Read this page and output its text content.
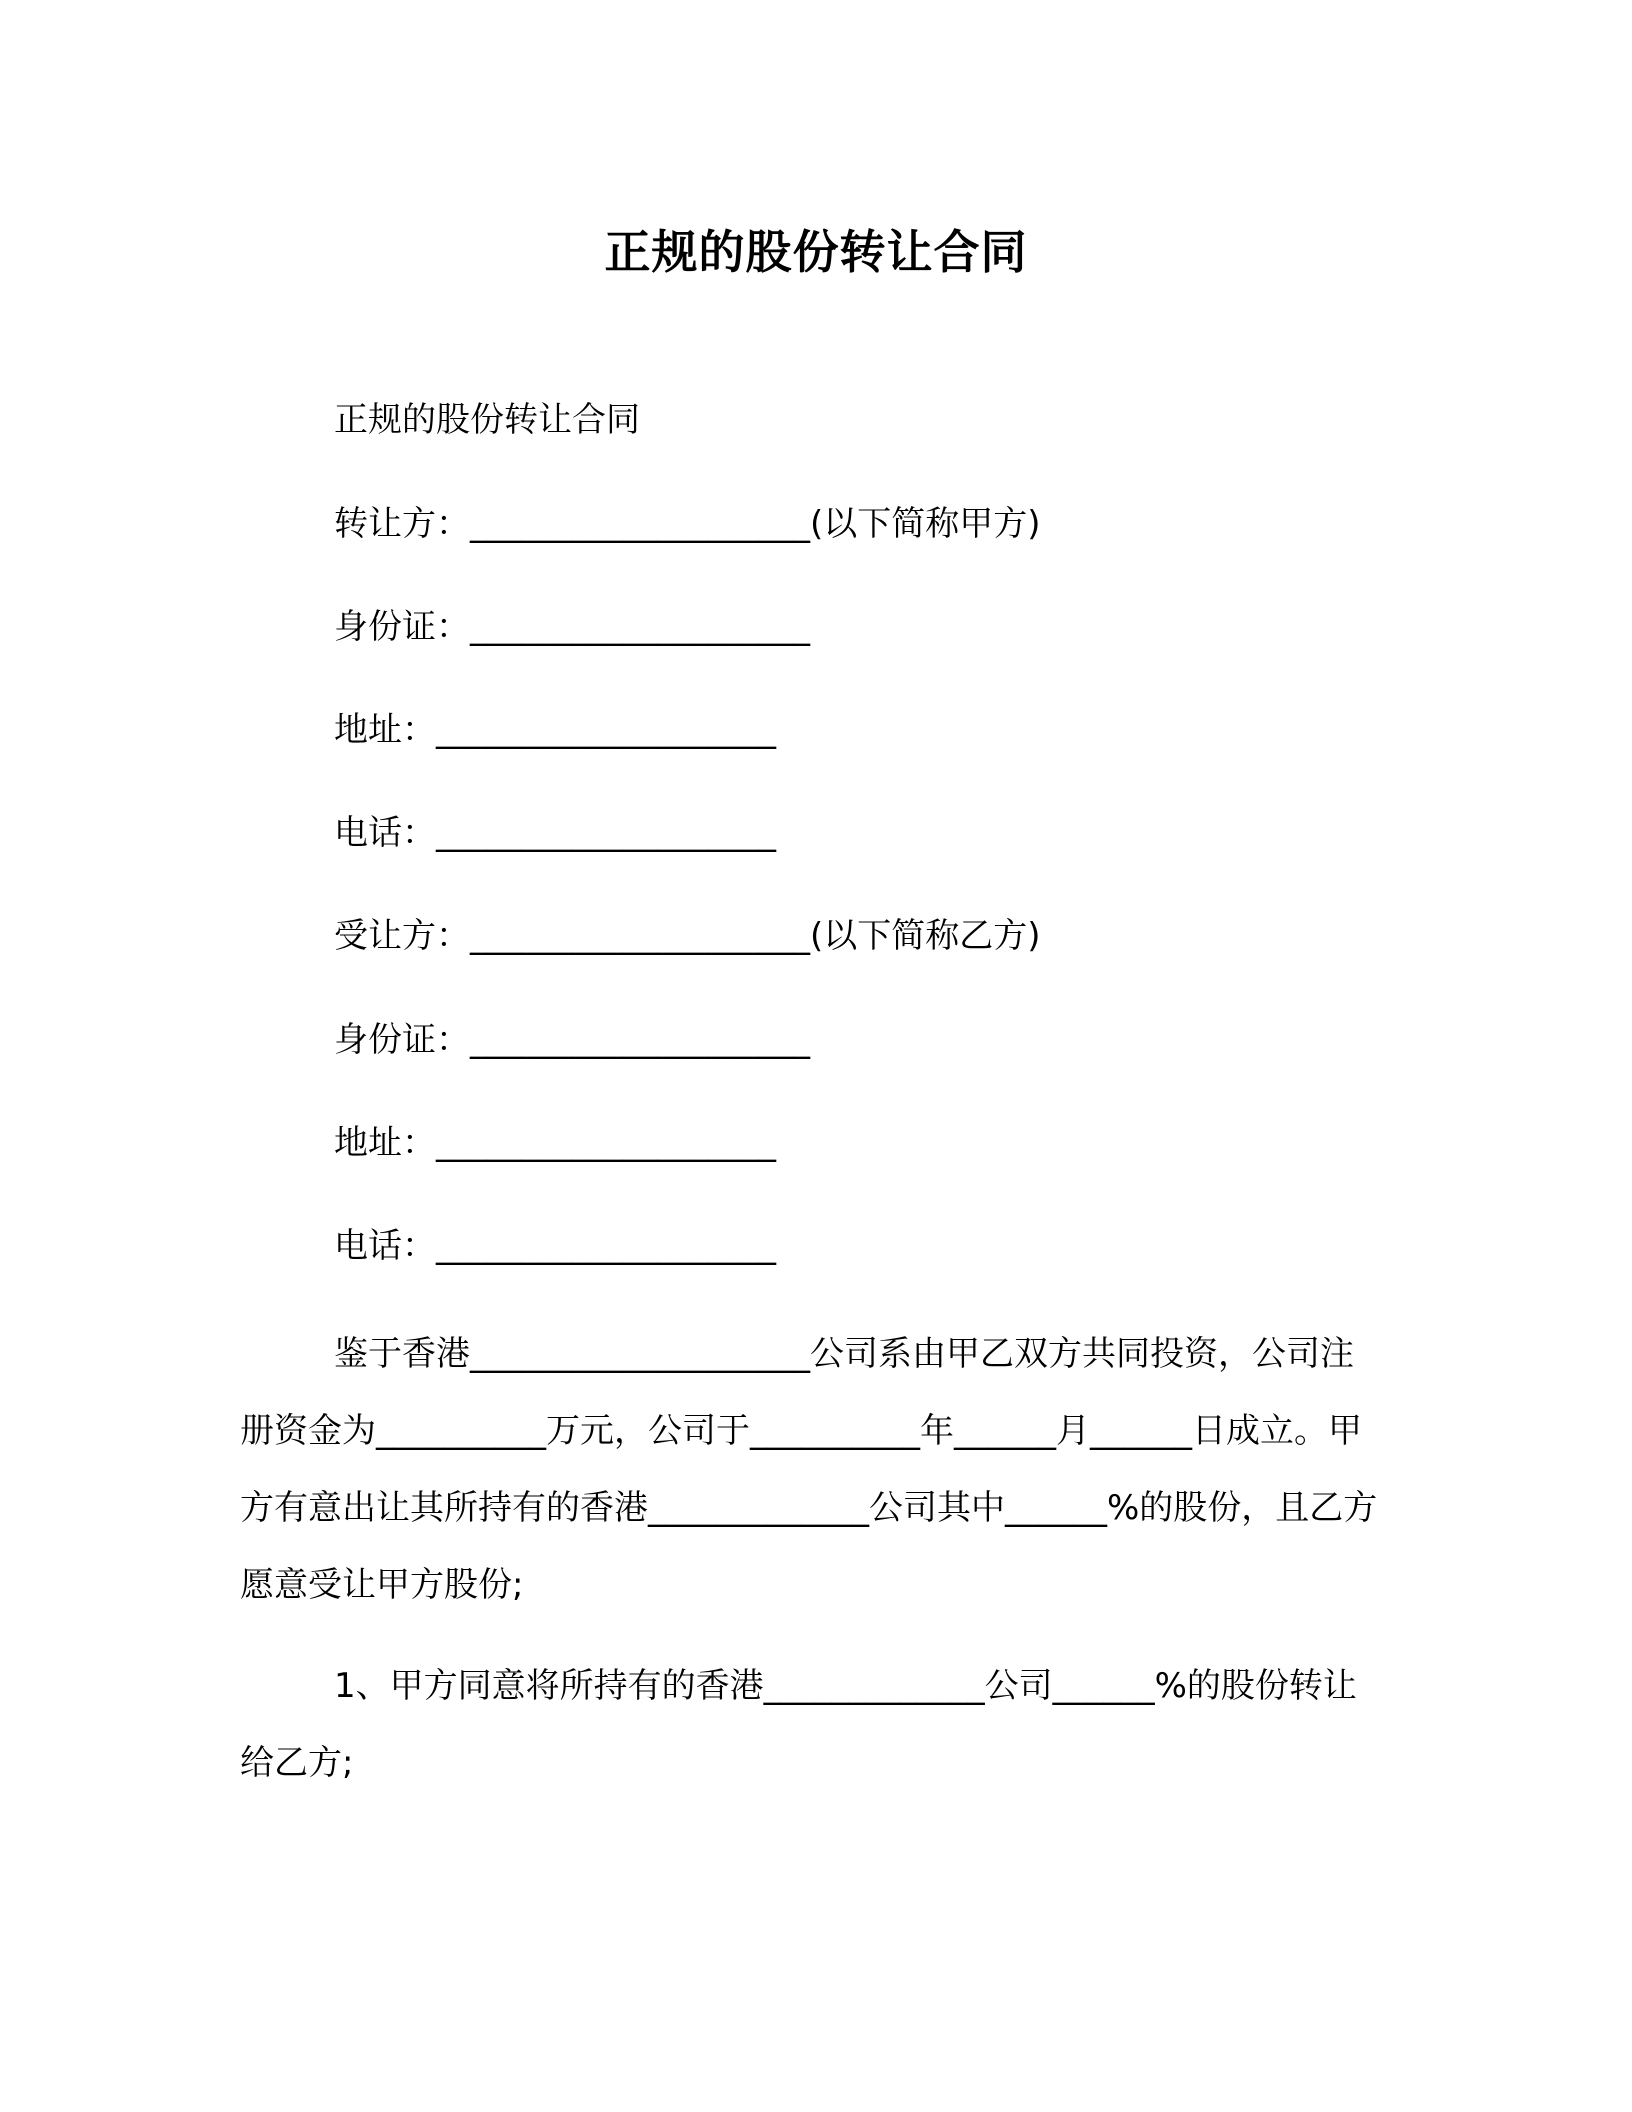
正规的股份转让合同
正规的股份转让合同
转让方：____________________(以下简称甲方)
身份证：____________________
地址：____________________
电话：____________________
受让方：____________________(以下简称乙方)
身份证：____________________
地址：____________________
电话：____________________
鉴于香港____________________公司系由甲乙双方共同投资，公司注册资金为__________万元，公司于__________年______月______日成立。甲方有意出让其所持有的香港_____________公司其中______%的股份，且乙方愿意受让甲方股份;
1、甲方同意将所持有的香港_____________公司______%的股份转让给乙方;
